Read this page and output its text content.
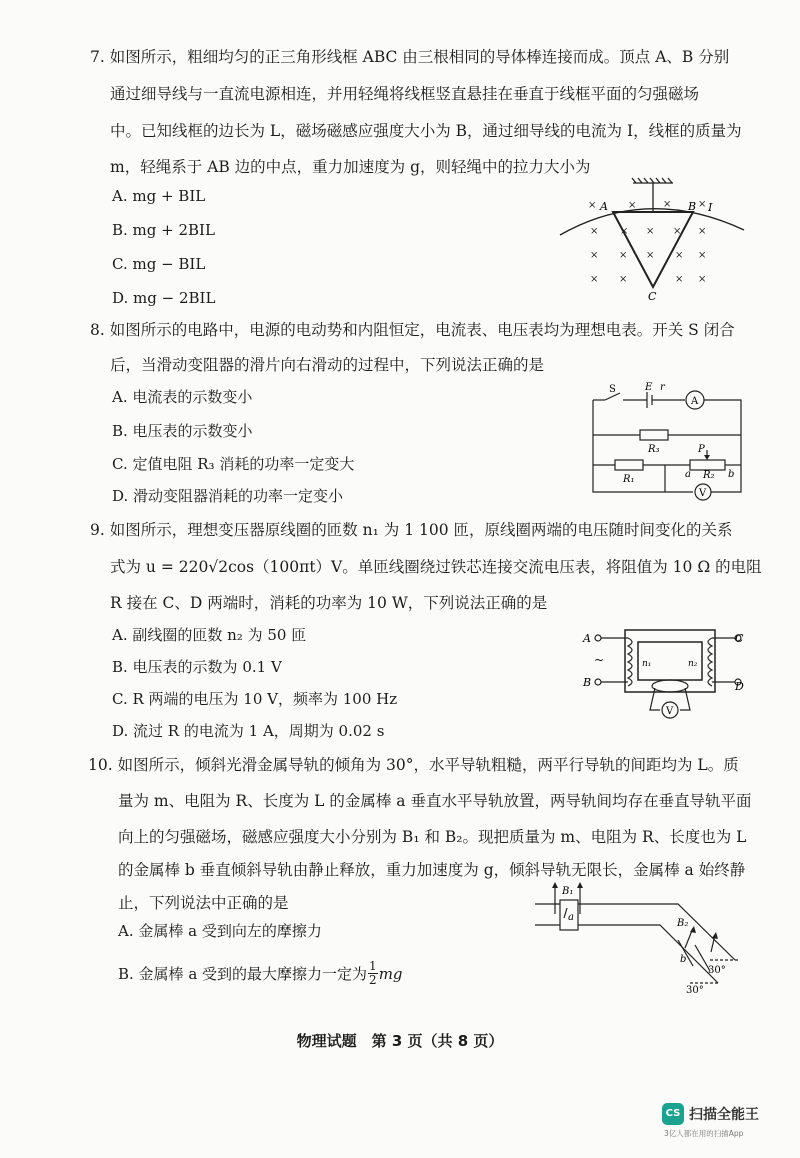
7. 如图所示，粗细均匀的正三角形线框 ABC 由三根相同的导体棒连接而成。顶点 A、B 分别
通过细导线与一直流电源相连，并用轻绳将线框竖直悬挂在垂直于线框平面的匀强磁场
中。已知线框的边长为 L，磁场磁感应强度大小为 B，通过细导线的电流为 I，线框的质量为
m，轻绳系于 AB 边的中点，重力加速度为 g，则轻绳中的拉力大小为
A. mg + BIL
B. mg + 2BIL
C. mg − BIL
D. mg − 2BIL
×	×	×	×
× × × × ×
× × × × ×
× ×	× ×
A	B I
C
8. 如图所示的电路中，电源的电动势和内阻恒定，电流表、电压表均为理想电表。开关 S 闭合
后，当滑动变阻器的滑片向右滑动的过程中，下列说法正确的是
A. 电流表的示数变小
B. 电压表的示数变小
C. 定值电阻 R₃ 消耗的功率一定变大
D. 滑动变阻器消耗的功率一定变小
S	E r
A
R₃
R₁	R₂
P
a	b
V
9. 如图所示，理想变压器原线圈的匝数 n₁ 为 1 100 匝，原线圈两端的电压随时间变化的关系
式为 u = 220√2cos（100πt）V。单匝线圈绕过铁芯连接交流电压表，将阻值为 10 Ω 的电阻
R 接在 C、D 两端时，消耗的功率为 10 W，下列说法正确的是
A. 副线圈的匝数 n₂ 为 50 匝
B. 电压表的示数为 0.1 V
C. R 两端的电压为 10 V，频率为 100 Hz
D. 流过 R 的电流为 1 A，周期为 0.02 s
A
B
C
D
~	n₁	n₂
V
10. 如图所示，倾斜光滑金属导轨的倾角为 30°，水平导轨粗糙，两平行导轨的间距均为 L。质
量为 m、电阻为 R、长度为 L 的金属棒 a 垂直水平导轨放置，两导轨间均存在垂直导轨平面
向上的匀强磁场，磁感应强度大小分别为 B₁ 和 B₂。现把质量为 m、电阻为 R、长度也为 L
的金属棒 b 垂直倾斜导轨由静止释放，重力加速度为 g，倾斜导轨无限长，金属棒 a 始终静
止，下列说法中正确的是
A. 金属棒 a 受到向左的摩擦力
B. 金属棒 a 受到的最大摩擦力一定为 $\frac{1}{2}$ mg
B₁
B₂
a
b
30°
30°
物理试题　第 3 页（共 8 页）
CS 扫描全能王
3亿人都在用的扫描App
